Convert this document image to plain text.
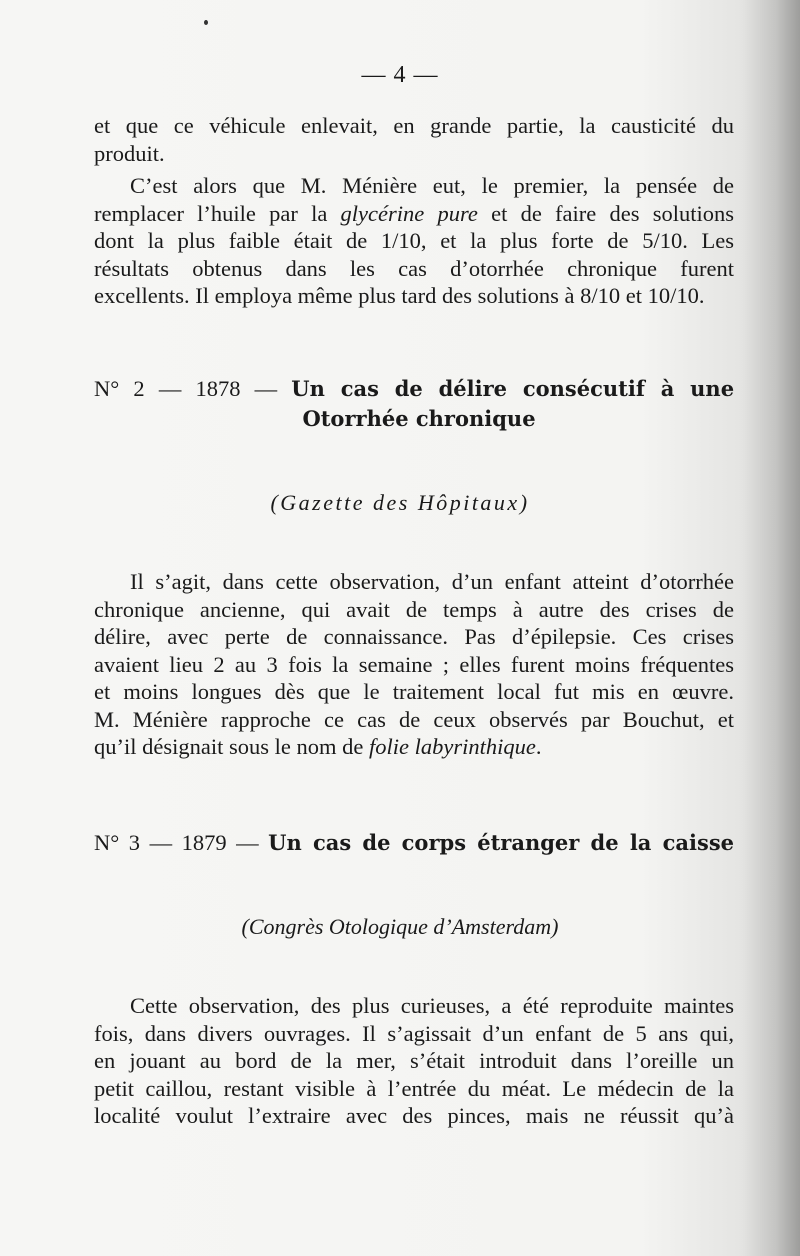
— 4 —
et que ce véhicule enlevait, en grande partie, la causticité du
produit.
C’est alors que M. Ménière eut, le premier, la pensée de
remplacer l’huile par la glycérine pure et de faire des solutions
dont la plus faible était de 1/10, et la plus forte de 5/10. Les
résultats obtenus dans les cas d’otorrhée chronique furent
excellents. Il employa même plus tard des solutions à 8/10 et 10/10.
N° 2 — 1878 — Un cas de délire consécutif à une
Otorrhée chronique
(Gazette des Hôpitaux)
Il s’agit, dans cette observation, d’un enfant atteint d’otorrhée
chronique ancienne, qui avait de temps à autre des crises de
délire, avec perte de connaissance. Pas d’épilepsie. Ces crises
avaient lieu 2 au 3 fois la semaine ; elles furent moins fréquentes
et moins longues dès que le traitement local fut mis en œuvre.
M. Ménière rapproche ce cas de ceux observés par Bouchut, et
qu’il désignait sous le nom de folie labyrinthique.
N° 3 — 1879 — Un cas de corps étranger de la caisse
(Congrès Otologique d’Amsterdam)
Cette observation, des plus curieuses, a été reproduite maintes
fois, dans divers ouvrages. Il s’agissait d’un enfant de 5 ans qui,
en jouant au bord de la mer, s’était introduit dans l’oreille un
petit caillou, restant visible à l’entrée du méat. Le médecin de la
localité voulut l’extraire avec des pinces, mais ne réussit qu’à
